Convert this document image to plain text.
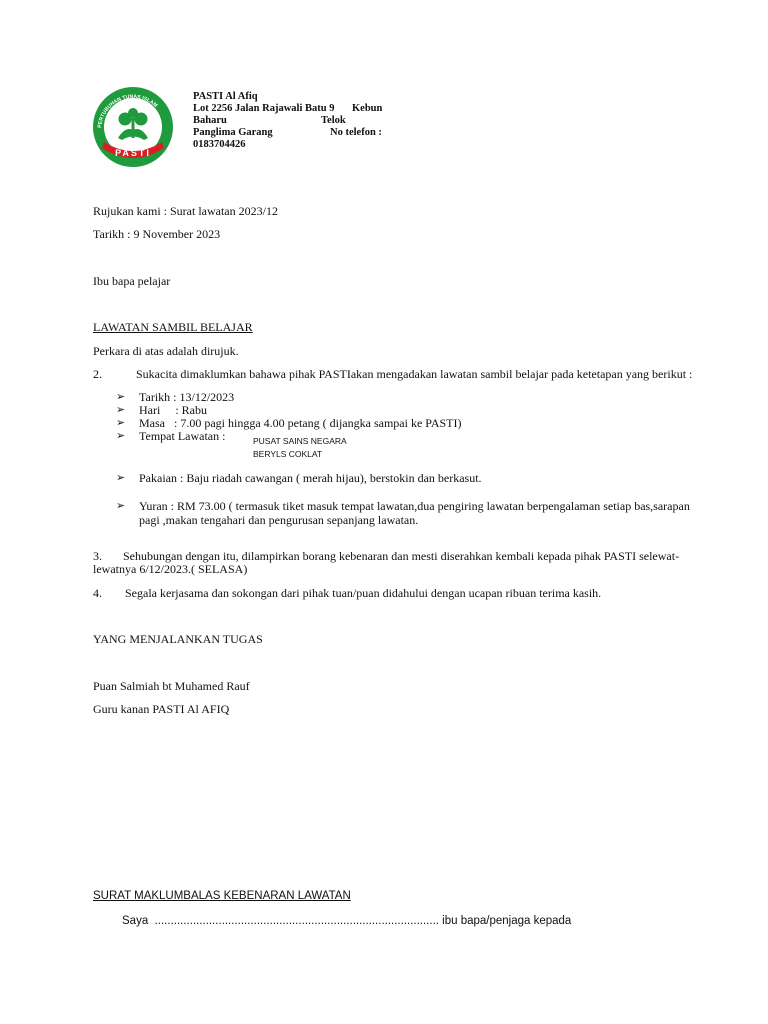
PERTUBUHAN TUNAS ISLAM
PASTI
PASTI Al Afiq
Lot 2256 Jalan Rajawali Batu 9 Kebun
Baharu	Telok
Panglima Garang	No telefon :
0183704426
Rujukan kami : Surat lawatan 2023/12
Tarikh : 9 November 2023
Ibu bapa pelajar
LAWATAN SAMBIL BELAJAR
Perkara di atas adalah dirujuk.
2.	Sukacita dimaklumkan bahawa pihak PASTIakan mengadakan lawatan sambil belajar pada ketetapan yang berikut :
➢ Tarikh : 13/12/2023
➢ Hari     : Rabu
➢ Masa   : 7.00 pagi hingga 4.00 petang ( dijangka sampai ke PASTI)
➢ Tempat Lawatan :	PUSAT SAINS NEGARA
BERYLS COKLAT
➢ Pakaian : Baju riadah cawangan ( merah hijau), berstokin dan berkasut.
➢ Yuran : RM 73.00 ( termasuk tiket masuk tempat lawatan,dua pengiring lawatan berpengalaman setiap bas,sarapan
pagi ,makan tengahari dan pengurusan sepanjang lawatan.
3.       Sehubungan dengan itu, dilampirkan borang kebenaran dan mesti diserahkan kembali kepada pihak PASTI selewat-
lewatnya 6/12/2023.( SELASA)
4. Segala kerjasama dan sokongan dari pihak tuan/puan didahului dengan ucapan ribuan terima kasih.
YANG MENJALANKAN TUGAS
Puan Salmiah bt Muhamed Rauf
Guru kanan PASTI Al AFIQ
SURAT MAKLUMBALAS KEBENARAN LAWATAN
Saya  ......................................................................................... ibu bapa/penjaga kepada
